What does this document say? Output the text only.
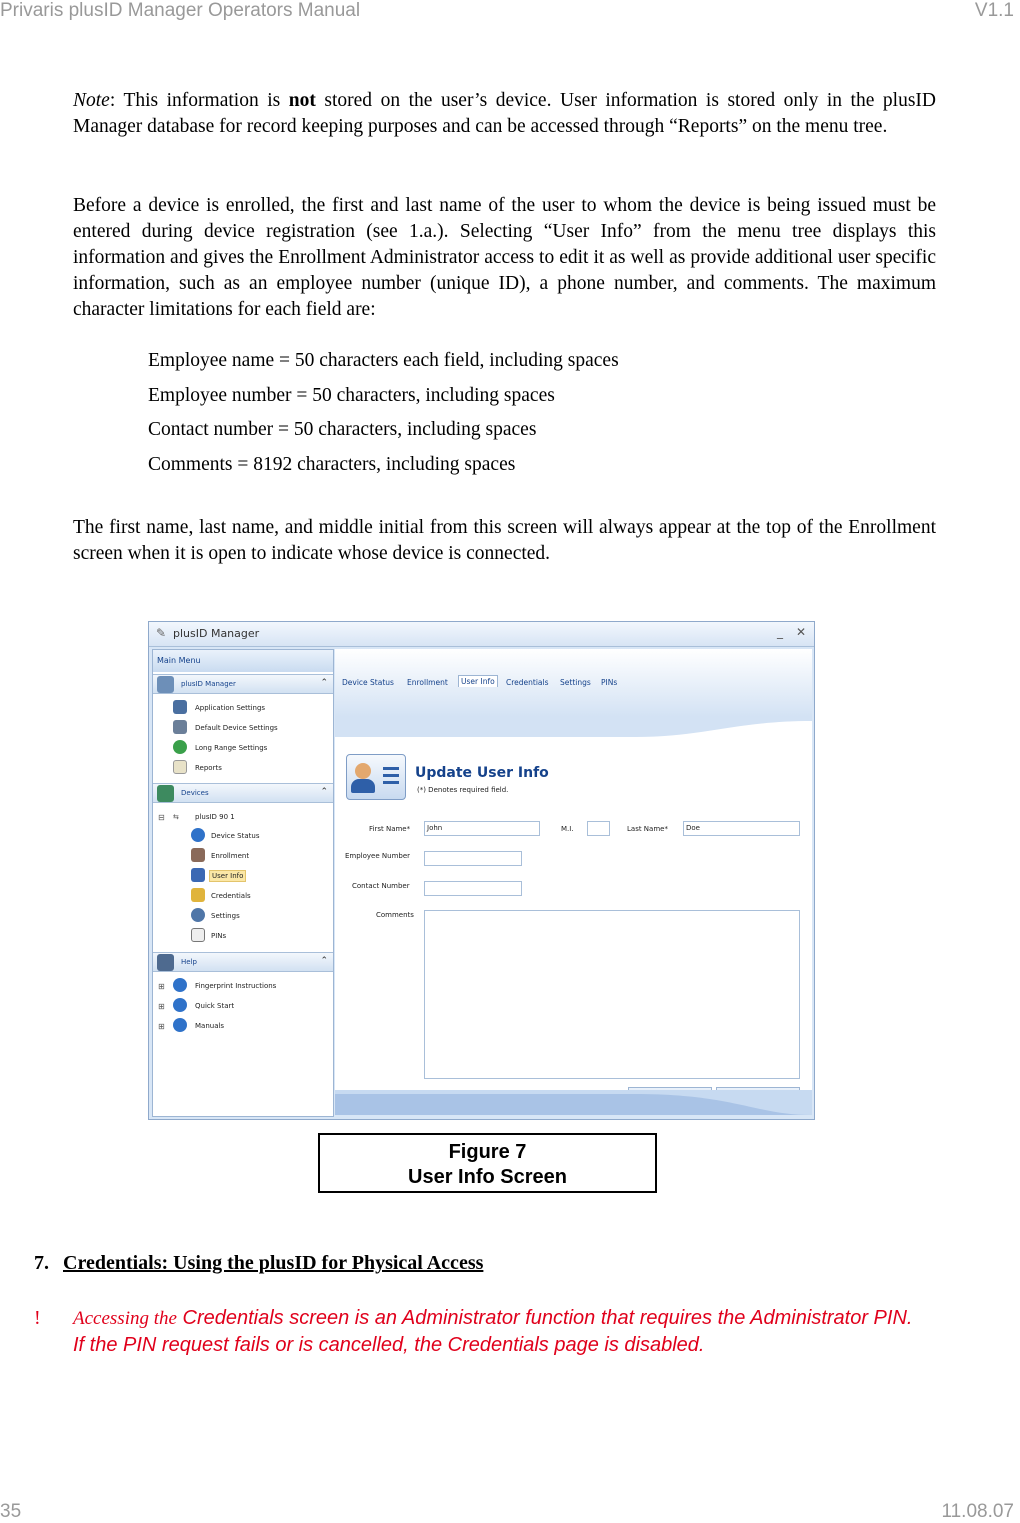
Privaris plusID Manager Operators Manual	V1.1
35	11.08.07
Note: This information is not stored on the user’s device. User information is stored only in the plusID Manager database for record keeping purposes and can be accessed through “Reports” on the menu tree.
Before a device is enrolled, the first and last name of the user to whom the device is being issued must be entered during device registration (see 1.a.). Selecting “User Info” from the menu tree displays this information and gives the Enrollment Administrator access to edit it as well as provide additional user specific information, such as an employee number (unique ID), a phone number, and comments. The maximum character limitations for each field are:
Employee name = 50 characters each field, including spaces
Employee number = 50 characters, including spaces
Contact number = 50 characters, including spaces
Comments = 8192 characters, including spaces
The first name, last name, and middle initial from this screen will always appear at the top of the Enrollment screen when it is open to indicate whose device is connected.
✎ plusID Manager	_ ✕
Main Menu
plusID Manager	⌃
Application Settings
Default Device Settings
Long Range Settings
Reports
Devices	⌃
⊟ ⇆ plusID 90 1
Device Status
Enrollment
User Info
Credentials
Settings
PINs
Help	⌃
⊞	Fingerprint Instructions
⊞	Quick Start
⊞	Manuals
Device Status Enrollment	User Info	Credentials Settings PINs
Update User Info
(*) Denotes required field.
First Name*	John	M.I.	Last Name*	Doe
Employee Number
Contact Number
Comments
Figure 7
User Info Screen
7. Credentials: Using the plusID for Physical Access
! Accessing the Credentials screen is an Administrator function that requires the Administrator PIN. If the PIN request fails or is cancelled, the Credentials page is disabled.
